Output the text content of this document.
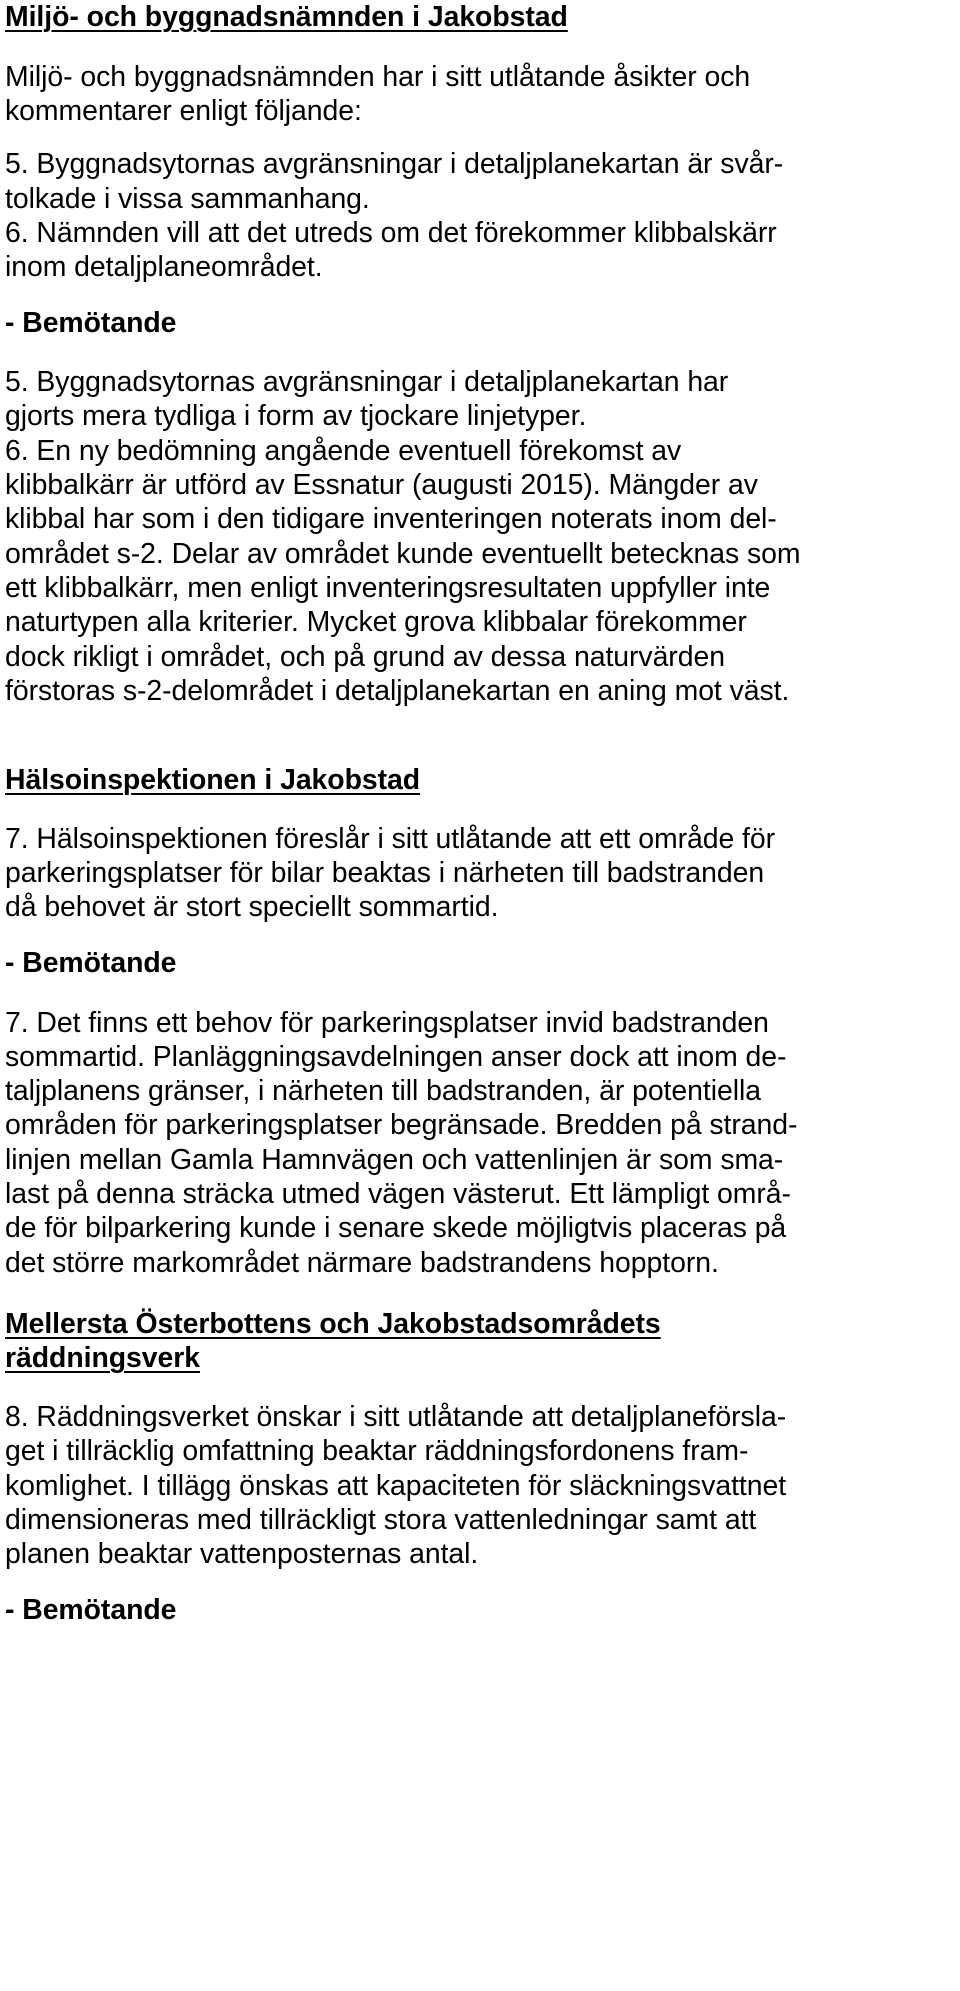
Miljö- och byggnadsnämnden i Jakobstad
Miljö- och byggnadsnämnden har i sitt utlåtande åsikter och
kommentarer enligt följande:
5. Byggnadsytornas avgränsningar i detaljplanekartan är svår-
tolkade i vissa sammanhang.
6. Nämnden vill att det utreds om det förekommer klibbalskärr
inom detaljplaneområdet.
- Bemötande
5. Byggnadsytornas avgränsningar i detaljplanekartan har
gjorts mera tydliga i form av tjockare linjetyper.
6. En ny bedömning angående eventuell förekomst av
klibbalkärr är utförd av Essnatur (augusti 2015). Mängder av
klibbal har som i den tidigare inventeringen noterats inom del-
området s-2. Delar av området kunde eventuellt betecknas som
ett klibbalkärr, men enligt inventeringsresultaten uppfyller inte
naturtypen alla kriterier. Mycket grova klibbalar förekommer
dock rikligt i området, och på grund av dessa naturvärden
förstoras s-2-delområdet i detaljplanekartan en aning mot väst.
Hälsoinspektionen i Jakobstad
7. Hälsoinspektionen föreslår i sitt utlåtande att ett område för
parkeringsplatser för bilar beaktas i närheten till badstranden
då behovet är stort speciellt sommartid.
- Bemötande
7. Det finns ett behov för parkeringsplatser invid badstranden
sommartid. Planläggningsavdelningen anser dock att inom de-
taljplanens gränser, i närheten till badstranden, är potentiella
områden för parkeringsplatser begränsade. Bredden på strand-
linjen mellan Gamla Hamnvägen och vattenlinjen är som sma-
last på denna sträcka utmed vägen västerut. Ett lämpligt områ-
de för bilparkering kunde i senare skede möjligtvis placeras på
det större markområdet närmare badstrandens hopptorn.
Mellersta Österbottens och Jakobstadsområdets
räddningsverk
8. Räddningsverket önskar i sitt utlåtande att detaljplaneförsla-
get i tillräcklig omfattning beaktar räddningsfordonens fram-
komlighet. I tillägg önskas att kapaciteten för släckningsvattnet
dimensioneras med tillräckligt stora vattenledningar samt att
planen beaktar vattenposternas antal.
- Bemötande
